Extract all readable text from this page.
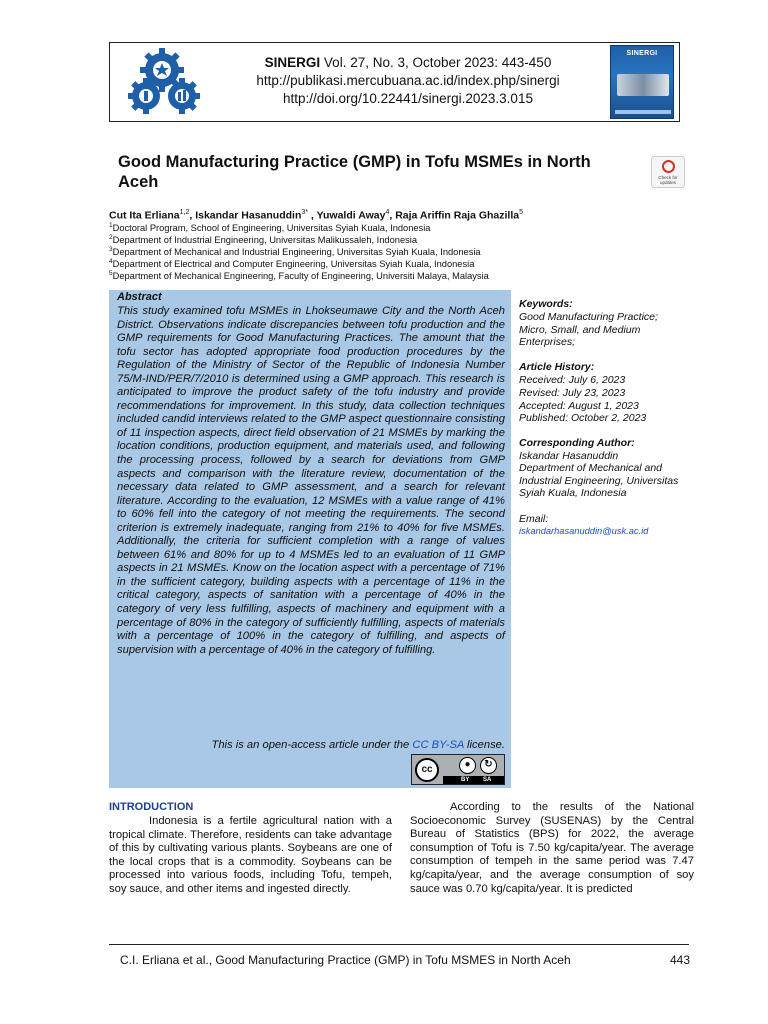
SINERGI Vol. 27, No. 3, October 2023: 443-450
http://publikasi.mercubuana.ac.id/index.php/sinergi
http://doi.org/10.22441/sinergi.2023.3.015
SINERGI
Good Manufacturing Practice (GMP) in Tofu MSMEs in North Aceh	Check for updates
Cut Ita Erliana$^{1,2}$, Iskandar Hasanuddin$^{3*}$ , Yuwaldi Away$^4$, Raja Ariffin Raja Ghazilla$^5$
$^1$Doctoral Program, School of Engineering, Universitas Syiah Kuala, Indonesia
$^2$Department of Industrial Engineering, Universitas Malikussaleh, Indonesia
$^3$Department of Mechanical and Industrial Engineering, Universitas Syiah Kuala, Indonesia
$^4$Department of Electrical and Computer Engineering, Universitas Syiah Kuala, Indonesia
$^5$Department of Mechanical Engineering, Faculty of Engineering, Universiti Malaya, Malaysia
Abstract
This study examined tofu MSMEs in Lhokseumawe City and the North Aceh District. Observations indicate discrepancies between tofu production and the GMP requirements for Good Manufacturing Practices. The amount that the tofu sector has adopted appropriate food production procedures by the Regulation of the Ministry of Sector of the Republic of Indonesia Number 75/M-IND/PER/7/2010 is determined using a GMP approach. This research is anticipated to improve the product safety of the tofu industry and provide recommendations for improvement. In this study, data collection techniques included candid interviews related to the GMP aspect questionnaire consisting of 11 inspection aspects, direct field observation of 21 MSMEs by marking the location conditions, production equipment, and materials used, and following the processing process, followed by a search for deviations from GMP aspects and comparison with the literature review, documentation of the necessary data related to GMP assessment, and a search for relevant literature. According to the evaluation, 12 MSMEs with a value range of 41% to 60% fell into the category of not meeting the requirements. The second criterion is extremely inadequate, ranging from 21% to 40% for five MSMEs. Additionally, the criteria for sufficient completion with a range of values between 61% and 80% for up to 4 MSMEs led to an evaluation of 11 GMP aspects in 21 MSMEs. Know on the location aspect with a percentage of 71% in the sufficient category, building aspects with a percentage of 11% in the critical category, aspects of sanitation with a percentage of 40% in the category of very less fulfilling, aspects of machinery and equipment with a percentage of 80% in the category of sufficiently fulfilling, aspects of materials with a percentage of 100% in the category of fulfilling, and aspects of supervision with a percentage of 40% in the category of fulfilling.
This is an open-access article under the CC BY-SA license.
cc	●	↻
BY SA
Keywords:
Good Manufacturing Practice; Micro, Small, and Medium Enterprises;
Article History:
Received: July 6, 2023
Revised: July 23, 2023
Accepted: August 1, 2023
Published: October 2, 2023
Corresponding Author:
Iskandar Hasanuddin
Department of Mechanical and Industrial Engineering, Universitas Syiah Kuala, Indonesia
Email:
iskandarhasanuddin@usk.ac.id
INTRODUCTION

Indonesia is a fertile agricultural nation with a tropical climate. Therefore, residents can take advantage of this by cultivating various plants. Soybeans are one of the local crops that is a commodity. Soybeans can be processed into various foods, including Tofu, tempeh, soy sauce, and other items and ingested directly.

According to the results of the National Socioeconomic Survey (SUSENAS) by the Central Bureau of Statistics (BPS) for 2022, the average consumption of Tofu is 7.50 kg/capita/year. The average consumption of tempeh in the same period was 7.47 kg/capita/year, and the average consumption of soy sauce was 0.70 kg/capita/year. It is predicted

C.I. Erliana et al., Good Manufacturing Practice (GMP) in Tofu MSMES in North Aceh	443
